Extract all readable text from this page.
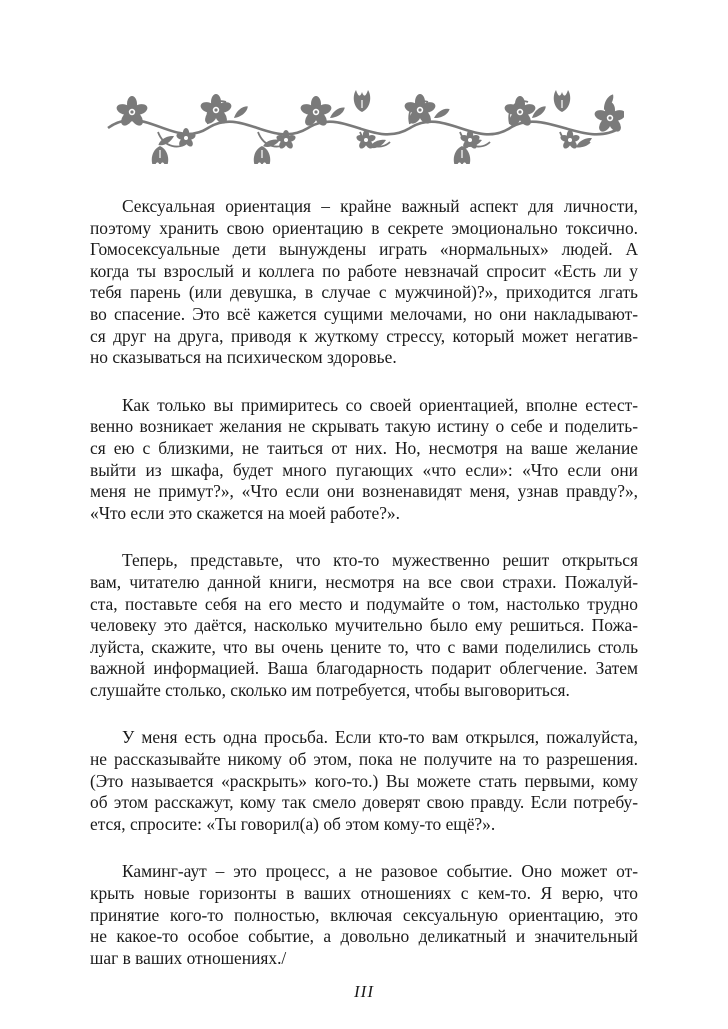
Сексуальная ориентация – крайне важный аспект для личности,
поэтому хранить свою ориентацию в секрете эмоционально токсично.
Гомосексуальные дети вынуждены играть «нормальных» людей. А
когда ты взрослый и коллега по работе невзначай спросит «Есть ли у
тебя парень (или девушка, в случае с мужчиной)?», приходится лгать
во спасение. Это всё кажется сущими мелочами, но они накладывают-
ся друг на друга, приводя к жуткому стрессу, который может негатив-
но сказываться на психическом здоровье.

Как только вы примиритесь со своей ориентацией, вполне естест-
венно возникает желания не скрывать такую истину о себе и поделить-
ся ею с близкими, не таиться от них. Но, несмотря на ваше желание
выйти из шкафа, будет много пугающих «что если»: «Что если они
меня не примут?», «Что если они возненавидят меня, узнав правду?»,
«Что если это скажется на моей работе?».

Теперь, представьте, что кто-то мужественно решит открыться
вам, читателю данной книги, несмотря на все свои страхи. Пожалуй-
ста, поставьте себя на его место и подумайте о том, настолько трудно
человеку это даётся, насколько мучительно было ему решиться. Пожа-
луйста, скажите, что вы очень цените то, что с вами поделились столь
важной информацией. Ваша благодарность подарит облегчение. Затем
слушайте столько, сколько им потребуется, чтобы выговориться.

У меня есть одна просьба. Если кто-то вам открылся, пожалуйста,
не рассказывайте никому об этом, пока не получите на то разрешения.
(Это называется «раскрыть» кого-то.) Вы можете стать первыми, кому
об этом расскажут, кому так смело доверят свою правду. Если потребу-
ется, спросите: «Ты говорил(а) об этом кому-то ещё?».

Каминг-аут – это процесс, а не разовое событие. Оно может от-
крыть новые горизонты в ваших отношениях с кем-то. Я верю, что
принятие кого-то полностью, включая сексуальную ориентацию, это
не какое-то особое событие, а довольно деликатный и значительный
шаг в ваших отношениях./

III
